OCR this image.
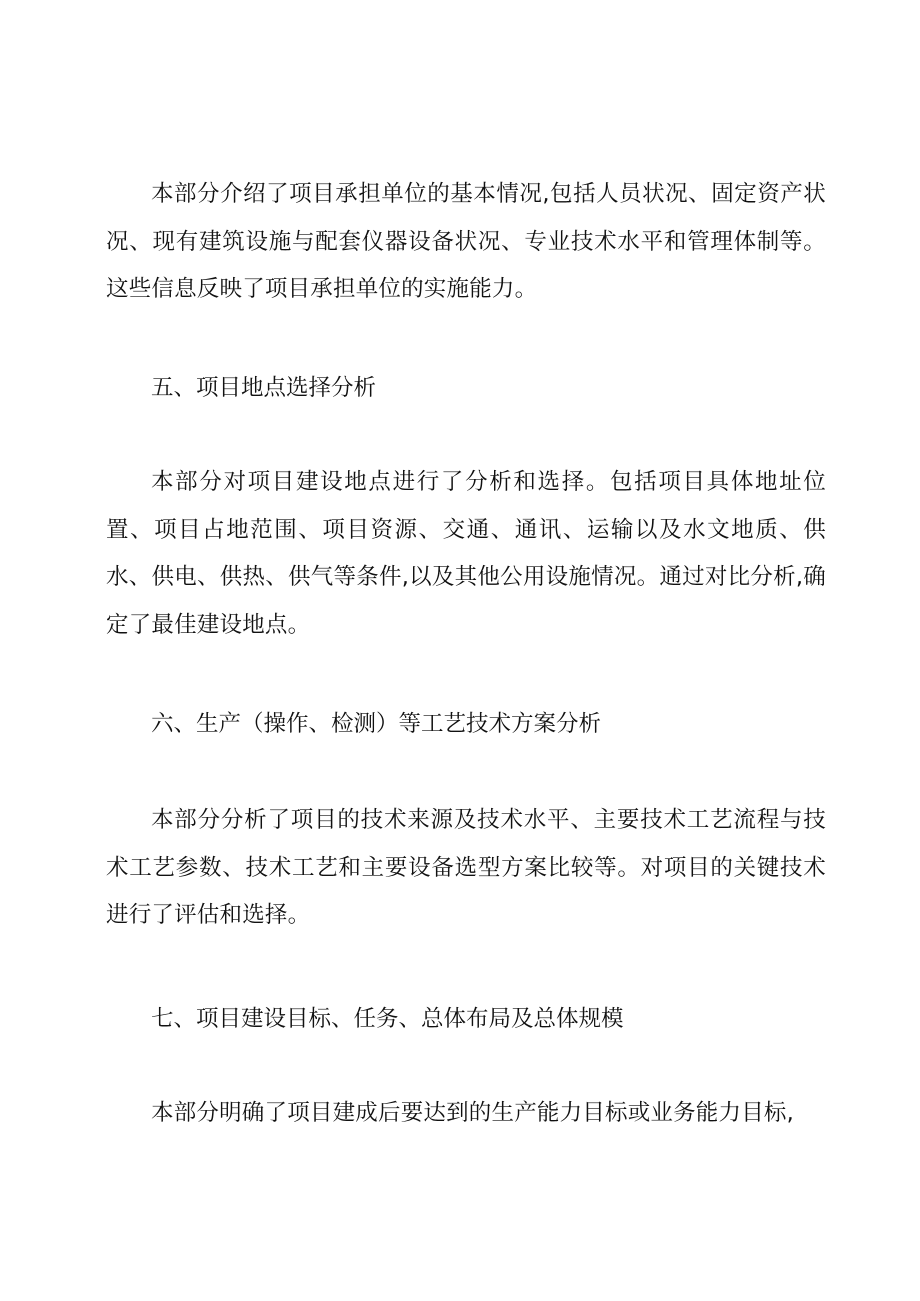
本部分介绍了项目承担单位的基本情况,包括人员状况、固定资产状况、现有建筑设施与配套仪器设备状况、专业技术水平和管理体制等。这些信息反映了项目承担单位的实施能力。

五、项目地点选择分析

本部分对项目建设地点进行了分析和选择。包括项目具体地址位置、项目占地范围、项目资源、交通、通讯、运输以及水文地质、供水、供电、供热、供气等条件,以及其他公用设施情况。通过对比分析,确定了最佳建设地点。

六、生产（操作、检测）等工艺技术方案分析

本部分分析了项目的技术来源及技术水平、主要技术工艺流程与技术工艺参数、技术工艺和主要设备选型方案比较等。对项目的关键技术进行了评估和选择。

七、项目建设目标、任务、总体布局及总体规模

本部分明确了项目建成后要达到的生产能力目标或业务能力目标,
